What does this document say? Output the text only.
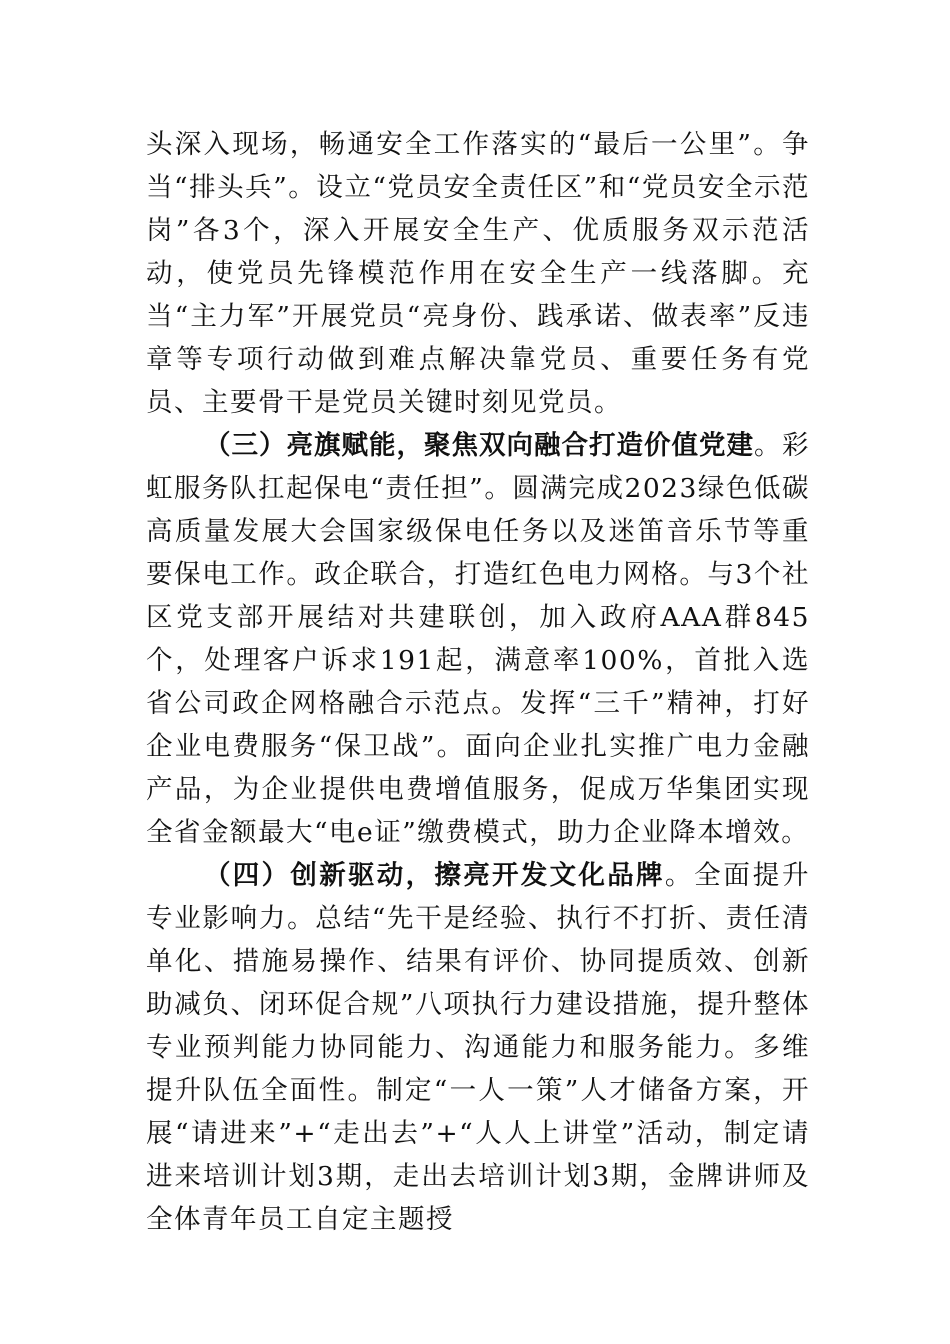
头深入现场，畅通安全工作落实的“最后一公里”。争当“排头兵”。设立“党员安全责任区”和“党员安全示范岗”各3个，深入开展安全生产、优质服务双示范活动，使党员先锋模范作用在安全生产一线落脚。充当“主力军”开展党员“亮身份、践承诺、做表率”反违章等专项行动做到难点解决靠党员、重要任务有党员、主要骨干是党员关键时刻见党员。

（三）亮旗赋能，聚焦双向融合打造价值党建。彩虹服务队扛起保电“责任担”。圆满完成2023绿色低碳高质量发展大会国家级保电任务以及迷笛音乐节等重要保电工作。政企联合，打造红色电力网格。与3个社区党支部开展结对共建联创，加入政府AAA群845个，处理客户诉求191起，满意率100%，首批入选省公司政企网格融合示范点。发挥“三千”精神，打好企业电费服务“保卫战”。面向企业扎实推广电力金融产品，为企业提供电费增值服务，促成万华集团实现全省金额最大“电e证”缴费模式，助力企业降本增效。

（四）创新驱动，擦亮开发文化品牌。全面提升专业影响力。总结“先干是经验、执行不打折、责任清单化、措施易操作、结果有评价、协同提质效、创新助减负、闭环促合规”八项执行力建设措施，提升整体专业预判能力协同能力、沟通能力和服务能力。多维提升队伍全面性。制定“一人一策”人才储备方案，开展“请进来”+“走出去”+“人人上讲堂”活动，制定请进来培训计划3期，走出去培训计划3期，金牌讲师及全体青年员工自定主题授
